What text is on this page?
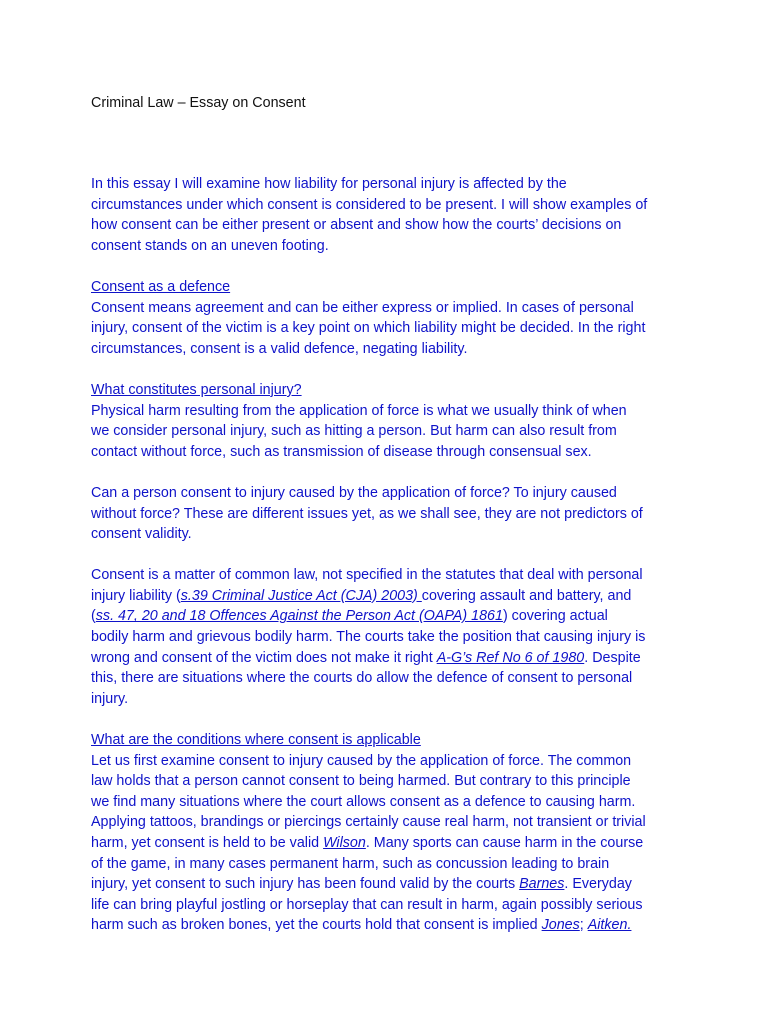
Criminal Law – Essay on Consent
In this essay I will examine how liability for personal injury is affected by the
circumstances under which consent is considered to be present. I will show examples of
how consent can be either present or absent and show how the courts’ decisions on
consent stands on an uneven footing.
Consent as a defence
Consent means agreement and can be either express or implied. In cases of personal
injury, consent of the victim is a key point on which liability might be decided. In the right
circumstances, consent is a valid defence, negating liability.
What constitutes personal injury?
Physical harm resulting from the application of force is what we usually think of when
we consider personal injury, such as hitting a person. But harm can also result from
contact without force, such as transmission of disease through consensual sex.
Can a person consent to injury caused by the application of force? To injury caused
without force? These are different issues yet, as we shall see, they are not predictors of
consent validity.
Consent is a matter of common law, not specified in the statutes that deal with personal
injury liability (s.39 Criminal Justice Act (CJA) 2003) covering assault and battery, and
(ss. 47, 20 and 18 Offences Against the Person Act (OAPA) 1861) covering actual
bodily harm and grievous bodily harm. The courts take the position that causing injury is
wrong and consent of the victim does not make it right A-G’s Ref No 6 of 1980. Despite
this, there are situations where the courts do allow the defence of consent to personal
injury.
What are the conditions where consent is applicable
Let us first examine consent to injury caused by the application of force. The common
law holds that a person cannot consent to being harmed. But contrary to this principle
we find many situations where the court allows consent as a defence to causing harm.
Applying tattoos, brandings or piercings certainly cause real harm, not transient or trivial
harm, yet consent is held to be valid Wilson. Many sports can cause harm in the course
of the game, in many cases permanent harm, such as concussion leading to brain
injury, yet consent to such injury has been found valid by the courts Barnes. Everyday
life can bring playful jostling or horseplay that can result in harm, again possibly serious
harm such as broken bones, yet the courts hold that consent is implied Jones; Aitken.
